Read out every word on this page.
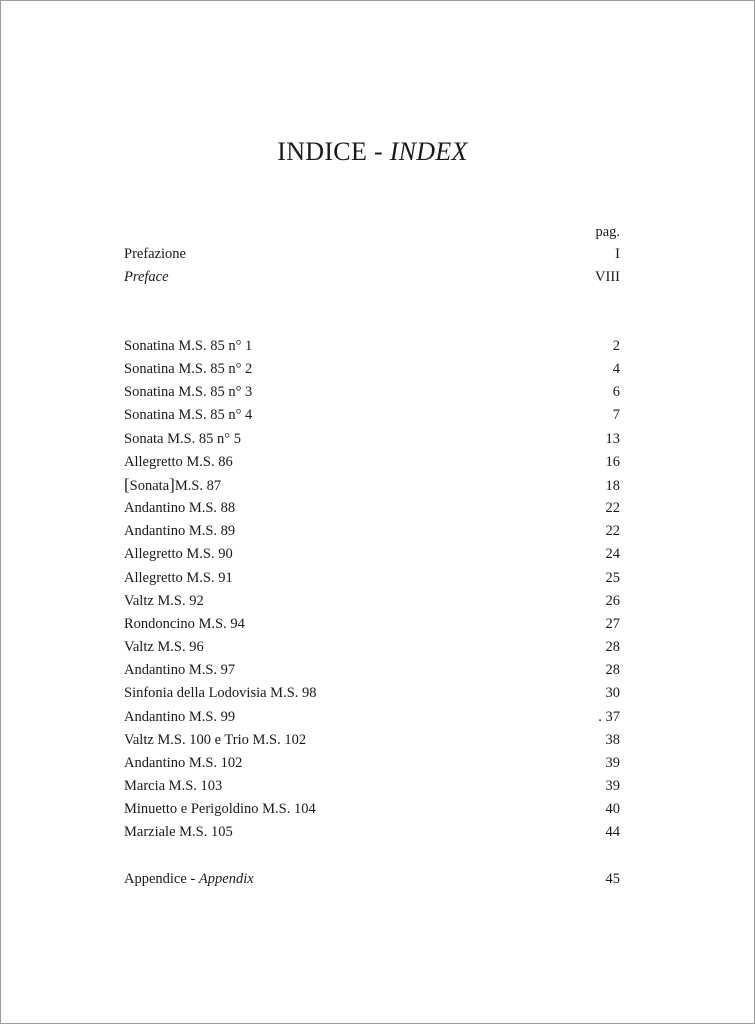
INDICE - INDEX
pag.
Prefazione	I
Preface	VIII
Sonatina M.S. 85 n° 1	2
Sonatina M.S. 85 n° 2	4
Sonatina M.S. 85 n° 3	6
Sonatina M.S. 85 n° 4	7
Sonata M.S. 85 n° 5	13
Allegretto M.S. 86	16
[Sonata]M.S. 87	18
Andantino M.S. 88	22
Andantino M.S. 89	22
Allegretto M.S. 90	24
Allegretto M.S. 91	25
Valtz M.S. 92	26
Rondoncino M.S. 94	27
Valtz M.S. 96	28
Andantino M.S. 97	28
Sinfonia della Lodovisia M.S. 98	30
Andantino M.S. 99	. 37
Valtz M.S. 100 e Trio M.S. 102	38
Andantino M.S. 102	39
Marcia M.S. 103	39
Minuetto e Perigoldino M.S. 104	40
Marziale M.S. 105	44
Appendice - Appendix	45
